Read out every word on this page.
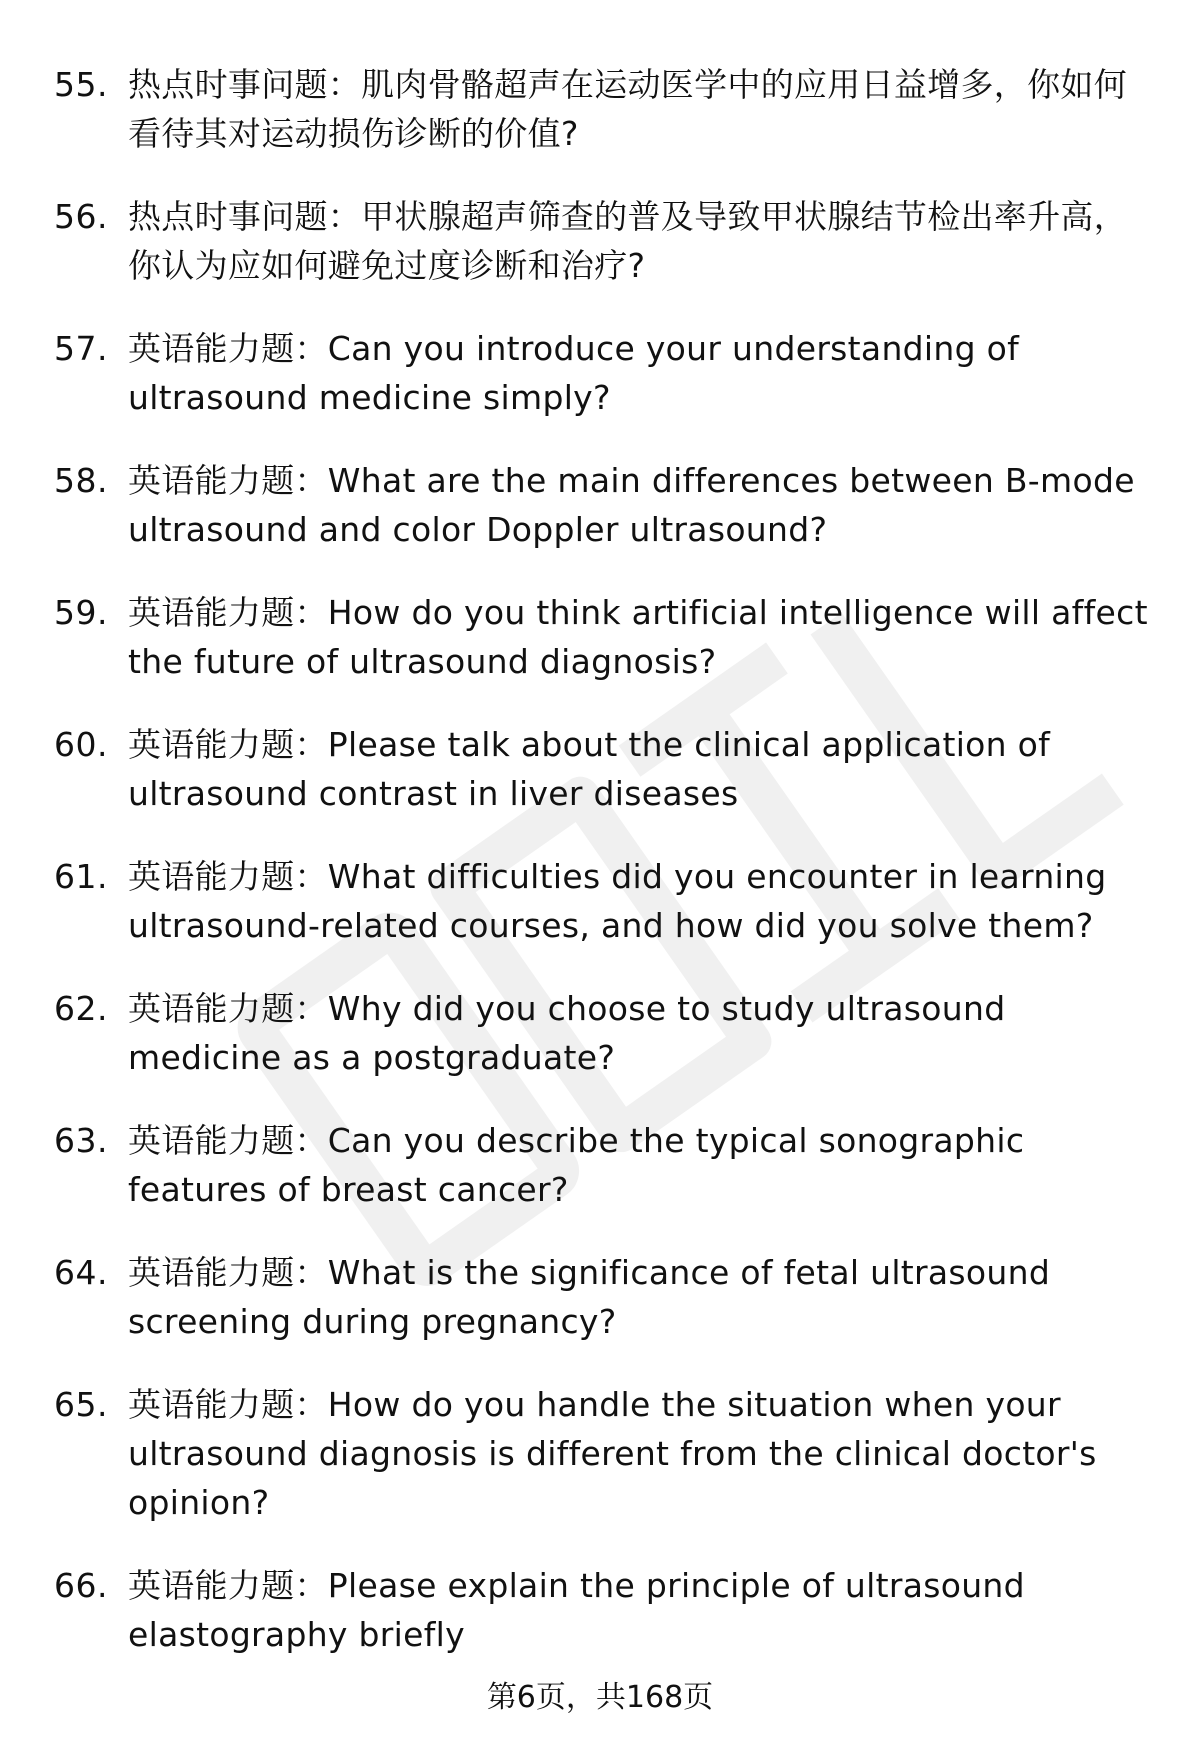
55. 热点时事问题：肌肉骨骼超声在运动医学中的应用日益增多，你如何看待其对运动损伤诊断的价值?
56. 热点时事问题：甲状腺超声筛查的普及导致甲状腺结节检出率升高，你认为应如何避免过度诊断和治疗?
57. 英语能力题：Can you introduce your understanding of ultrasound medicine simply?
58. 英语能力题：What are the main differences between B-mode ultrasound and color Doppler ultrasound?
59. 英语能力题：How do you think artificial intelligence will affect the future of ultrasound diagnosis?
60. 英语能力题：Please talk about the clinical application of ultrasound contrast in liver diseases
61. 英语能力题：What difficulties did you encounter in learning ultrasound-related courses, and how did you solve them?
62. 英语能力题：Why did you choose to study ultrasound medicine as a postgraduate?
63. 英语能力题：Can you describe the typical sonographic features of breast cancer?
64. 英语能力题：What is the significance of fetal ultrasound screening during pregnancy?
65. 英语能力题：How do you handle the situation when your ultrasound diagnosis is different from the clinical doctor's opinion?
66. 英语能力题：Please explain the principle of ultrasound elastography briefly
第6页，共168页
